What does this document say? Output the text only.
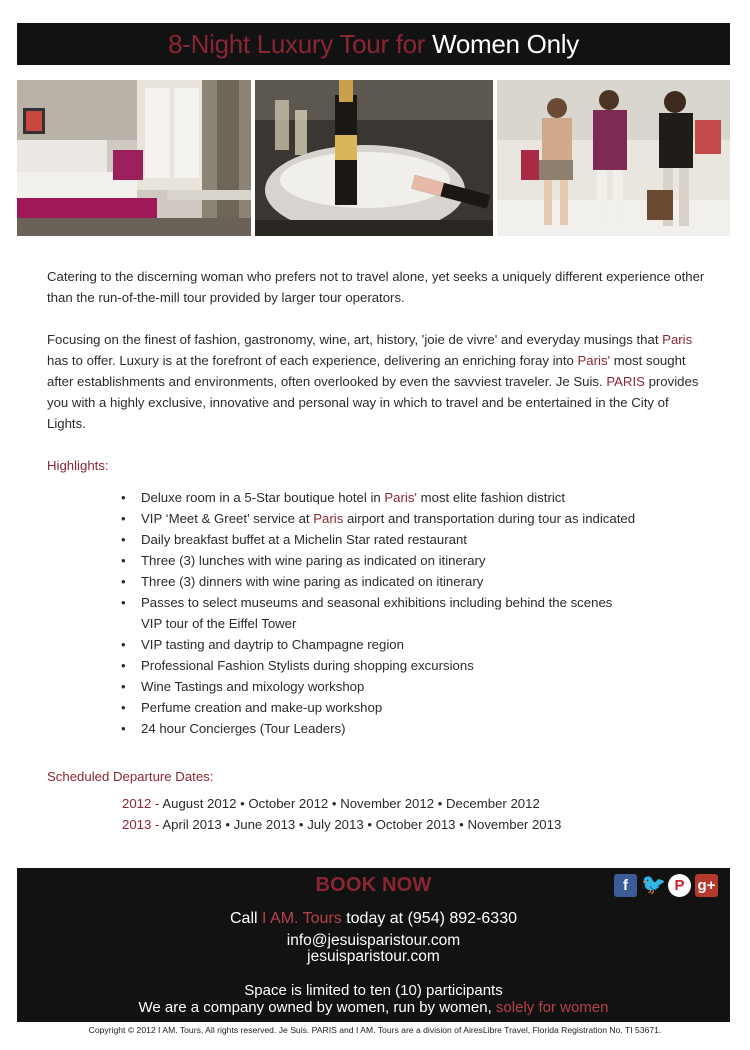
8-Night Luxury Tour for Women Only

Catering to the discerning woman who prefers not to travel alone, yet seeks a uniquely different experience other than the run-of-the-mill tour provided by larger tour operators.

Focusing on the finest of fashion, gastronomy, wine, art, history, 'joie de vivre' and everyday musings that Paris has to offer. Luxury is at the forefront of each experience, delivering an enriching foray into Paris' most sought after establishments and environments, often overlooked by even the savviest traveler. Je Suis. PARIS provides you with a highly exclusive, innovative and personal way in which to travel and be entertained in the City of Lights.

Highlights:
• Deluxe room in a 5-Star boutique hotel in Paris' most elite fashion district
• VIP ‘Meet & Greet’ service at Paris airport and transportation during tour as indicated
• Daily breakfast buffet at a Michelin Star rated restaurant
• Three (3) lunches with wine paring as indicated on itinerary
• Three (3) dinners with wine paring as indicated on itinerary
• Passes to select museums and seasonal exhibitions including behind the scenes
VIP tour of the Eiffel Tower
• VIP tasting and daytrip to Champagne region
• Professional Fashion Stylists during shopping excursions
• Wine Tastings and mixology workshop
• Perfume creation and make-up workshop
• 24 hour Concierges (Tour Leaders)
Scheduled Departure Dates:
2012 - August 2012 • October 2012 • November 2012 • December 2012
2013 - April 2013 • June 2013 • July 2013 • October 2013 • November 2013
BOOK NOW	f 🐦 P g+
Call I AM. Tours today at (954) 892-6330
info@jesuisparistour.com
jesuisparistour.com
Space is limited to ten (10) participants
We are a company owned by women, run by women, solely for women
Copyright © 2012 I AM. Tours, All rights reserved. Je Suis. PARIS and I AM. Tours are a division of AiresLibre Travel, Florida Registration No. TI 53671.
